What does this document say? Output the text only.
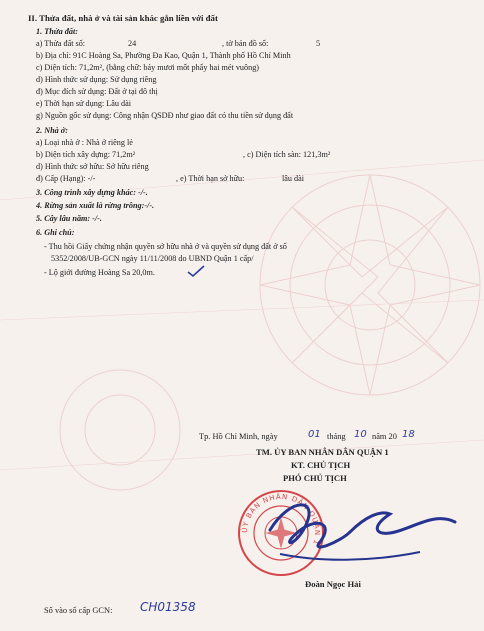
II. Thửa đất, nhà ở và tài sản khác gắn liền với đất
1. Thửa đất:
a) Thửa đất số:	24	, tờ bản đồ số:	5
b) Địa chỉ: 91C Hoàng Sa, Phường Đa Kao, Quận 1, Thành phố Hồ Chí Minh
c) Diện tích: 71,2m², (bằng chữ: bảy mươi mốt phẩy hai mét vuông)
d) Hình thức sử dụng: Sử dụng riêng
đ) Mục đích sử dụng: Đất ở tại đô thị
e) Thời hạn sử dụng: Lâu dài
g) Nguồn gốc sử dụng: Công nhận QSDĐ như giao đất có thu tiền sử dụng đất
2. Nhà ở:
a) Loại nhà ở : Nhà ở riêng lẻ
b) Diện tích xây dựng: 71,2m²	, c) Diện tích sàn: 121,3m²
d) Hình thức sở hữu: Sở hữu riêng
đ) Cấp (Hạng): -/-	, e) Thời hạn sở hữu:	lâu dài
3. Công trình xây dựng khác: -/-.
4. Rừng sản xuất là rừng trồng:-/-.
5. Cây lâu năm: -/-.
6. Ghi chú:
- Thu hồi Giấy chứng nhận quyền sở hữu nhà ở và quyền sử dụng đất ở số
5352/2008/UB-GCN ngày 11/11/2008 do UBND Quận 1 cấp/
- Lộ giới đường Hoàng Sa 20,0m.
Tp. Hồ Chí Minh, ngày	01 tháng 10 năm 20 18
TM. ỦY BAN NHÂN DÂN QUẬN 1
KT. CHỦ TỊCH
PHÓ CHỦ TỊCH
ỦY BAN NHÂN DÂN QUẬN 1
Đoàn Ngọc Hải
Số vào sổ cấp GCN: CH01358
